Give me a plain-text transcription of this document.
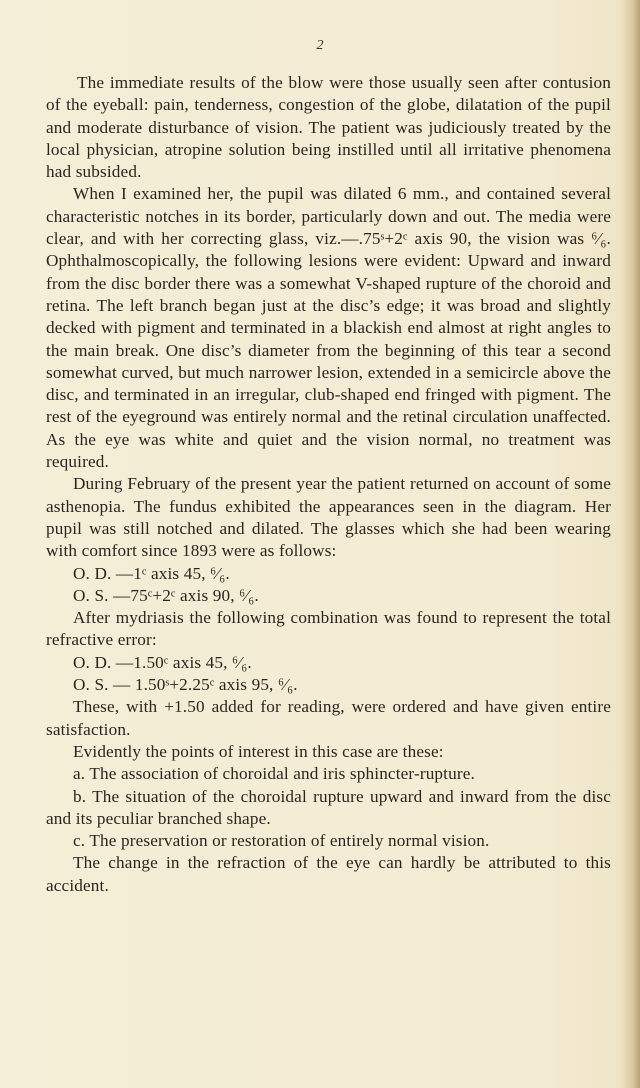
2

The immediate results of the blow were those usually seen after contusion of the eyeball: pain, tenderness, congestion of the globe, dilatation of the pupil and moderate disturbance of vision. The patient was judiciously treated by the local physician, atropine solution being instilled until all irritative phenomena had subsided.

When I examined her, the pupil was dilated 6 mm., and contained several characteristic notches in its border, particularly down and out. The media were clear, and with her correcting glass, viz.—.75ˢ+2ᶜ axis 90, the vision was ⁶⁄₆. Ophthalmoscopically, the following lesions were evident: Upward and inward from the disc border there was a somewhat V-shaped rupture of the choroid and retina. The left branch began just at the disc’s edge; it was broad and slightly decked with pigment and terminated in a blackish end almost at right angles to the main break. One disc’s diameter from the beginning of this tear a second somewhat curved, but much narrower lesion, extended in a semicircle above the disc, and terminated in an irregular, club-shaped end fringed with pigment. The rest of the eyeground was entirely normal and the retinal circulation unaffected. As the eye was white and quiet and the vision normal, no treatment was required.

During February of the present year the patient returned on account of some asthenopia. The fundus exhibited the appearances seen in the diagram. Her pupil was still notched and dilated. The glasses which she had been wearing with comfort since 1893 were as follows:

O. D. —1ᶜ axis 45, ⁶⁄₆.

O. S. —75ᶜ+2ᶜ axis 90, ⁶⁄₆.

After mydriasis the following combination was found to represent the total refractive error:

O. D. —1.50ᶜ axis 45, ⁶⁄₆.

O. S. — 1.50ˢ+2.25ᶜ axis 95, ⁶⁄₆.

These, with +1.50 added for reading, were ordered and have given entire satisfaction.

Evidently the points of interest in this case are these:

a. The association of choroidal and iris sphincter-rupture.

b. The situation of the choroidal rupture upward and inward from the disc and its peculiar branched shape.

c. The preservation or restoration of entirely normal vision.

The change in the refraction of the eye can hardly be attributed to this accident.
